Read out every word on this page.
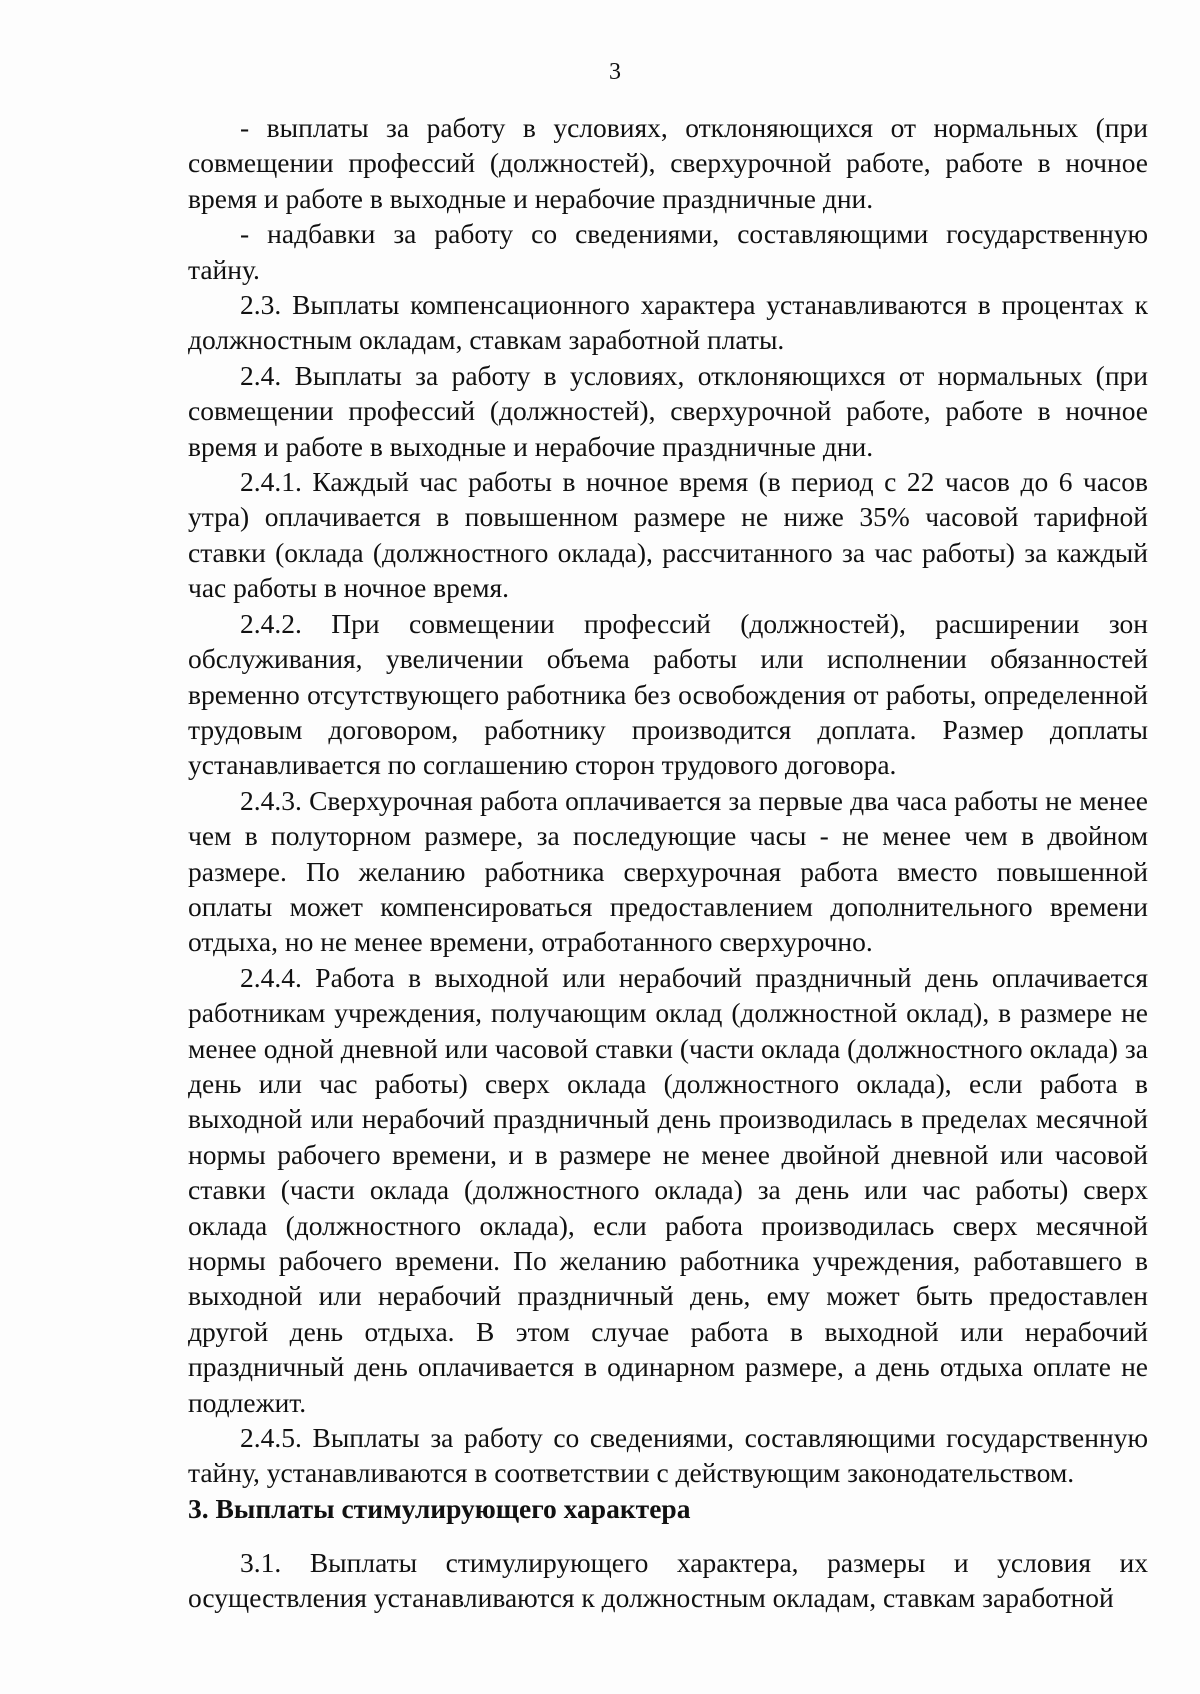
3

- выплаты за работу в условиях, отклоняющихся от нормальных (при совмещении профессий (должностей), сверхурочной работе, работе в ночное время и работе в выходные и нерабочие праздничные дни.

- надбавки за работу со сведениями, составляющими государственную тайну.

2.3. Выплаты компенсационного характера устанавливаются в процентах к должностным окладам, ставкам заработной платы.

2.4. Выплаты за работу в условиях, отклоняющихся от нормальных (при совмещении профессий (должностей), сверхурочной работе, работе в ночное время и работе в выходные и нерабочие праздничные дни.

2.4.1. Каждый час работы в ночное время (в период с 22 часов до 6 часов утра) оплачивается в повышенном размере не ниже 35% часовой тарифной ставки (оклада (должностного оклада), рассчитанного за час работы) за каждый час работы в ночное время.

2.4.2. При совмещении профессий (должностей), расширении зон обслуживания, увеличении объема работы или исполнении обязанностей временно отсутствующего работника без освобождения от работы, определенной трудовым договором, работнику производится доплата. Размер доплаты устанавливается по соглашению сторон трудового договора.

2.4.3. Сверхурочная работа оплачивается за первые два часа работы не менее чем в полуторном размере, за последующие часы - не менее чем в двойном размере. По желанию работника сверхурочная работа вместо повышенной оплаты может компенсироваться предоставлением дополнительного времени отдыха, но не менее времени, отработанного сверхурочно.

2.4.4. Работа в выходной или нерабочий праздничный день оплачивается работникам учреждения, получающим оклад (должностной оклад), в размере не менее одной дневной или часовой ставки (части оклада (должностного оклада) за день или час работы) сверх оклада (должностного оклада), если работа в выходной или нерабочий праздничный день производилась в пределах месячной нормы рабочего времени, и в размере не менее двойной дневной или часовой ставки (части оклада (должностного оклада) за день или час работы) сверх оклада (должностного оклада), если работа производилась сверх месячной нормы рабочего времени. По желанию работника учреждения, работавшего в выходной или нерабочий праздничный день, ему может быть предоставлен другой день отдыха. В этом случае работа в выходной или нерабочий праздничный день оплачивается в одинарном размере, а день отдыха оплате не подлежит.

2.4.5. Выплаты за работу со сведениями, составляющими государственную тайну, устанавливаются в соответствии с действующим законодательством.

3. Выплаты стимулирующего характера

3.1. Выплаты стимулирующего характера, размеры и условия их осуществления устанавливаются к должностным окладам, ставкам заработной
